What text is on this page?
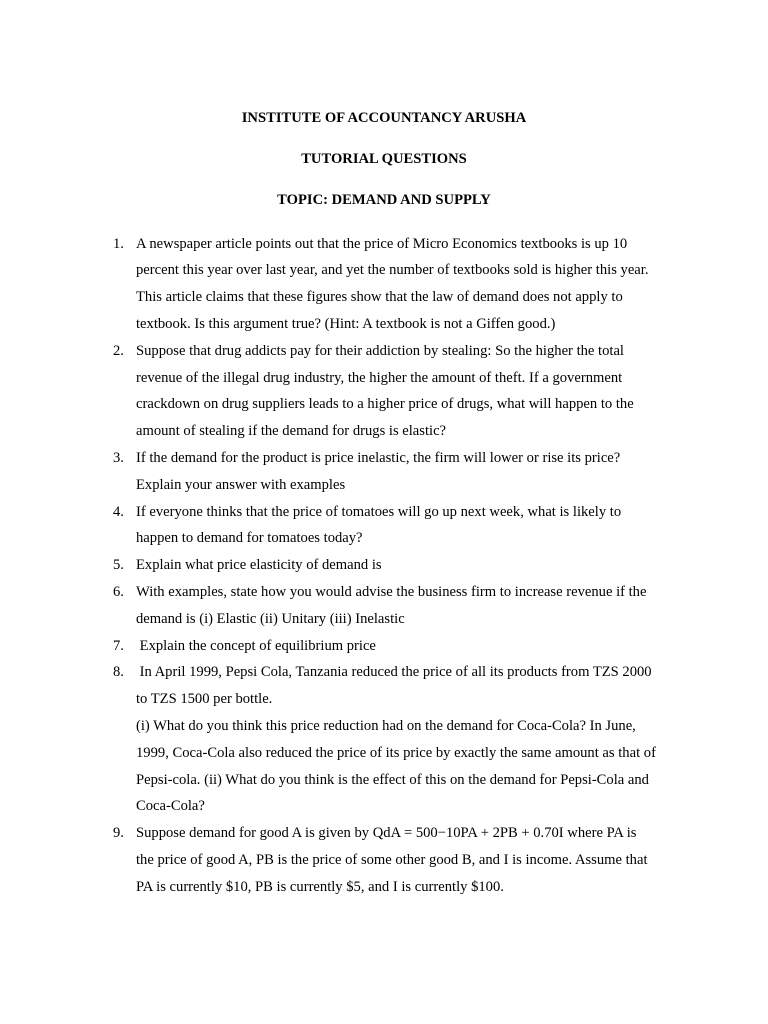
INSTITUTE OF ACCOUNTANCY ARUSHA
TUTORIAL QUESTIONS
TOPIC: DEMAND AND SUPPLY
1. A newspaper article points out that the price of Micro Economics textbooks is up 10
percent this year over last year, and yet the number of textbooks sold is higher this year.
This article claims that these figures show that the law of demand does not apply to
textbook. Is this argument true? (Hint: A textbook is not a Giffen good.)
2. Suppose that drug addicts pay for their addiction by stealing: So the higher the total
revenue of the illegal drug industry, the higher the amount of theft. If a government
crackdown on drug suppliers leads to a higher price of drugs, what will happen to the
amount of stealing if the demand for drugs is elastic?
3. If the demand for the product is price inelastic, the firm will lower or rise its price?
Explain your answer with examples
4. If everyone thinks that the price of tomatoes will go up next week, what is likely to
happen to demand for tomatoes today?
5. Explain what price elasticity of demand is
6. With examples, state how you would advise the business firm to increase revenue if the
demand is (i) Elastic (ii) Unitary (iii) Inelastic
7. Explain the concept of equilibrium price
8. In April 1999, Pepsi Cola, Tanzania reduced the price of all its products from TZS 2000
to TZS 1500 per bottle.
(i) What do you think this price reduction had on the demand for Coca-Cola? In June,
1999, Coca-Cola also reduced the price of its price by exactly the same amount as that of
Pepsi-cola. (ii) What do you think is the effect of this on the demand for Pepsi-Cola and
Coca-Cola?
9. Suppose demand for good A is given by QdA = 500−10PA + 2PB + 0.70I where PA is
the price of good A, PB is the price of some other good B, and I is income. Assume that
PA is currently $10, PB is currently $5, and I is currently $100.
